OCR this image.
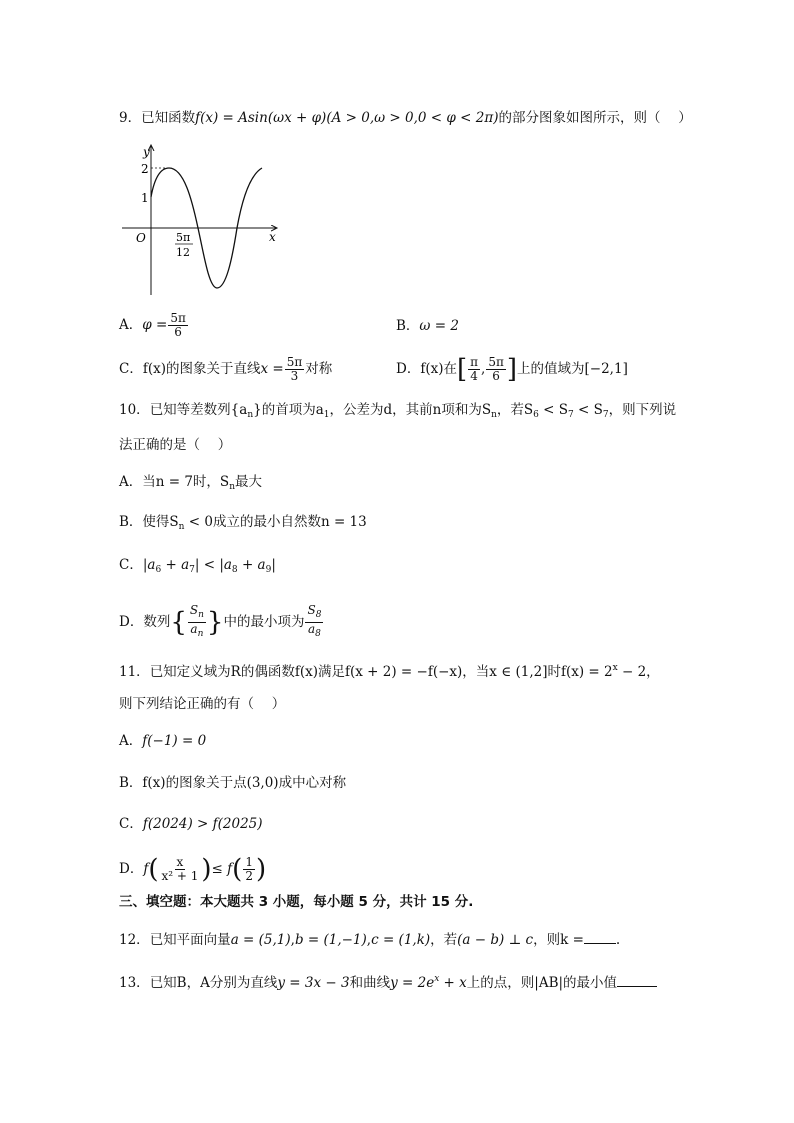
9．已知函数f(x) = Asin(ωx + φ)(A > 0,ω > 0,0 < φ < 2π)的部分图象如图所示，则（　 ）
y
x
O
2
1
5π
12
A．$\varphi = \frac{5\pi}{6}$	B．ω = 2
C．f(x)的图象关于直线$x = \frac{5\pi}{3}$ 对称	D．f(x)在[ $\frac{\pi}{4}$ , $\frac{5\pi}{6}$ ]上的值域为[−2,1]
10．已知等差数列$\{a_n\}$的首项为$a_1$，公差为d，其前n项和为$S_n$，若$S_6 < S_7 < S_7$，则下列说
法正确的是（　 ）
A．当n = 7时，$S_n$最大
B．使得$S_n < 0$成立的最小自然数n = 13
C．$|a_6 + a_7| < |a_8 + a_9|$
D．数列{ $\frac{S_n}{a_n}$ }中的最小项为 $\frac{S_8}{a_8}$
11．已知定义域为R的偶函数f(x)满足f(x + 2) = −f(−x)，当x ∈ (1,2]时$f(x) = 2^x - 2$，
则下列结论正确的有（　 ）
A．f(−1) = 0
B．f(x)的图象关于点(3,0)成中心对称
C．f(2024) > f(2025)
D．$f( \frac{x}{\text{x² + 1}}$ )≤ $f( \frac{1}{2}$ )
三、填空题：本大题共 3 小题，每小题 5 分，共计 15 分.
12．已知平面向量a = (5,1),b = (1,−1),c = (1,k)，若(a − b) ⊥ c，则k = .
13．已知B，A分别为直线y = 3x − 3和曲线$y = 2e^x + x$上的点，则|AB|的最小值
